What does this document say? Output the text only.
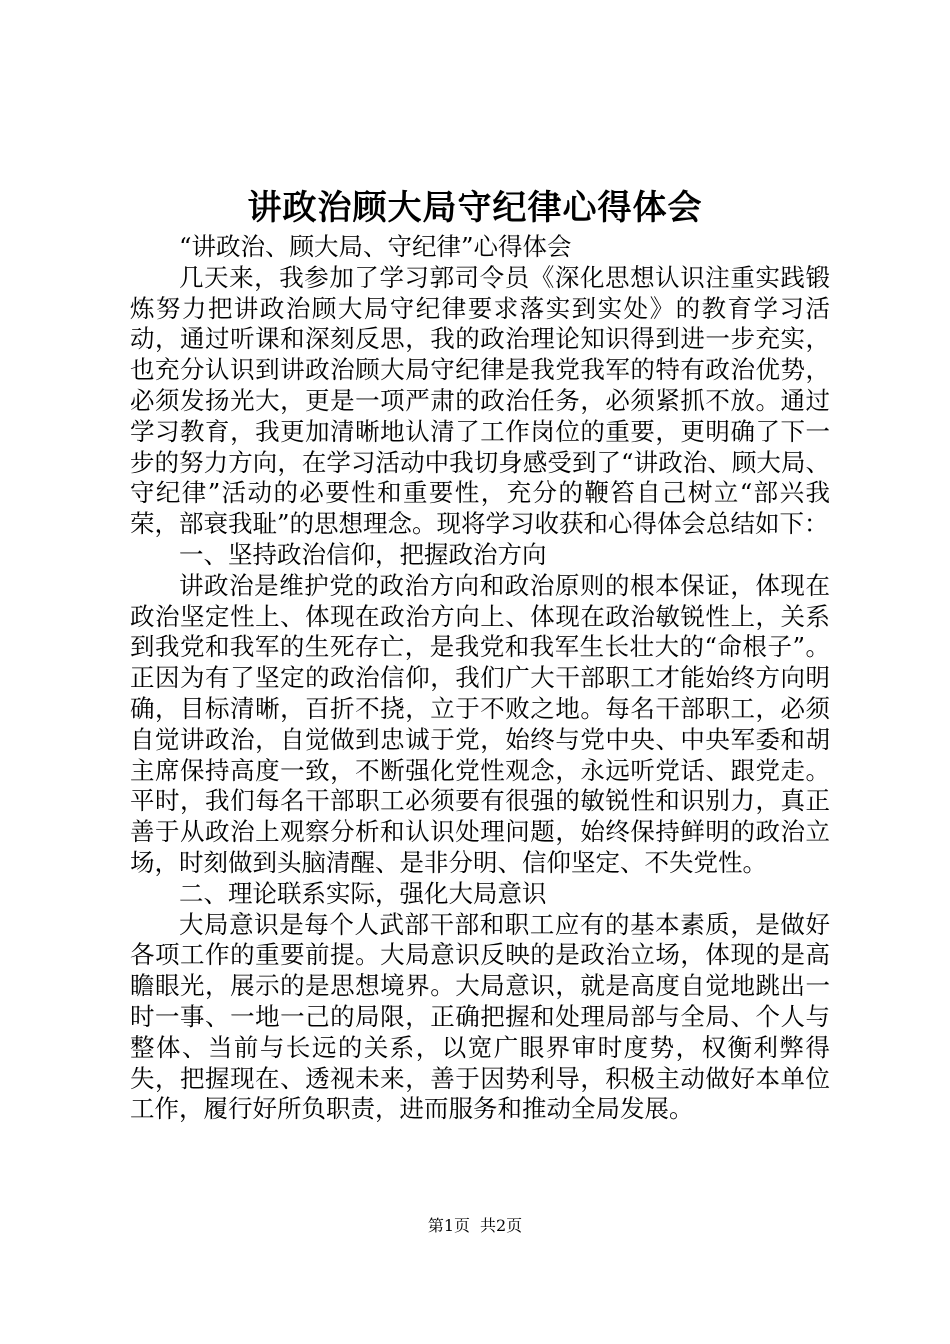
讲政治顾大局守纪律心得体会

“讲政治、顾大局、守纪律”心得体会

几天来，我参加了学习郭司令员《深化思想认识注重实践锻炼努力把讲政治顾大局守纪律要求落实到实处》的教育学习活动，通过听课和深刻反思，我的政治理论知识得到进一步充实，也充分认识到讲政治顾大局守纪律是我党我军的特有政治优势，必须发扬光大，更是一项严肃的政治任务，必须紧抓不放。通过学习教育，我更加清晰地认清了工作岗位的重要，更明确了下一步的努力方向，在学习活动中我切身感受到了“讲政治、顾大局、守纪律”活动的必要性和重要性，充分的鞭笞自己树立“部兴我荣，部衰我耻”的思想理念。现将学习收获和心得体会总结如下：

一、坚持政治信仰，把握政治方向

讲政治是维护党的政治方向和政治原则的根本保证，体现在政治坚定性上、体现在政治方向上、体现在政治敏锐性上，关系到我党和我军的生死存亡，是我党和我军生长壮大的“命根子”。正因为有了坚定的政治信仰，我们广大干部职工才能始终方向明确，目标清晰，百折不挠，立于不败之地。每名干部职工，必须自觉讲政治，自觉做到忠诚于党，始终与党中央、中央军委和胡主席保持高度一致，不断强化党性观念，永远听党话、跟党走。平时，我们每名干部职工必须要有很强的敏锐性和识别力，真正善于从政治上观察分析和认识处理问题，始终保持鲜明的政治立场，时刻做到头脑清醒、是非分明、信仰坚定、不失党性。

二、理论联系实际，强化大局意识

大局意识是每个人武部干部和职工应有的基本素质，是做好各项工作的重要前提。大局意识反映的是政治立场，体现的是高瞻眼光，展示的是思想境界。大局意识，就是高度自觉地跳出一时一事、一地一己的局限，正确把握和处理局部与全局、个人与整体、当前与长远的关系，以宽广眼界审时度势，权衡利弊得失，把握现在、透视未来，善于因势利导，积极主动做好本单位工作，履行好所负职责，进而服务和推动全局发展。

第1页 共2页
